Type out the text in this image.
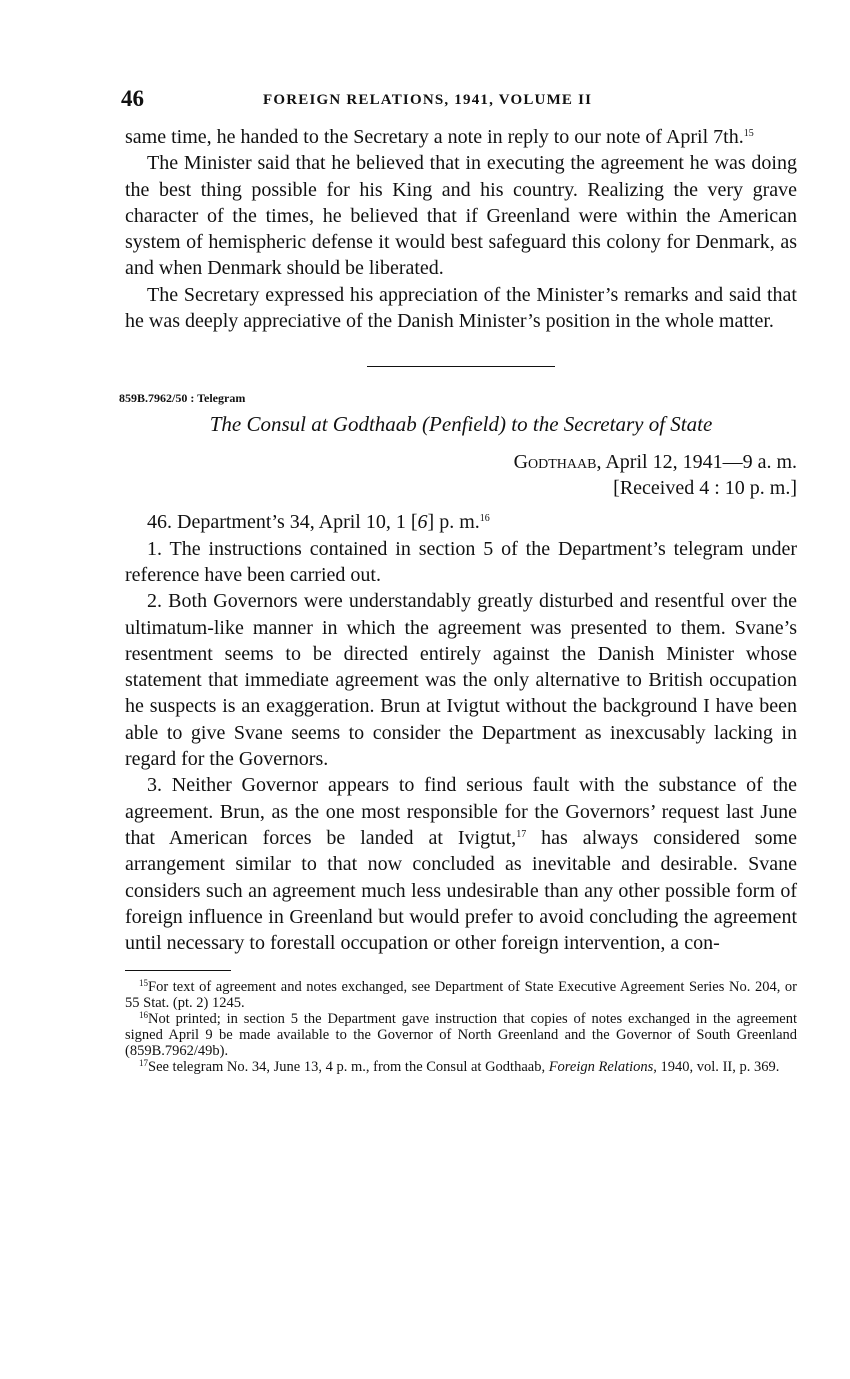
46	FOREIGN RELATIONS, 1941, VOLUME II

same time, he handed to the Secretary a note in reply to our note of April 7th.$^{15}$

The Minister said that he believed that in executing the agreement he was doing the best thing possible for his King and his country. Realizing the very grave character of the times, he believed that if Greenland were within the American system of hemispheric defense it would best safeguard this colony for Denmark, as and when Denmark should be liberated.

The Secretary expressed his appreciation of the Minister’s remarks and said that he was deeply appreciative of the Danish Minister’s position in the whole matter.

859B.7962/50 : Telegram
The Consul at Godthaab (Penfield) to the Secretary of State
Godthaab, April 12, 1941—9 a. m.
[Received 4 : 10 p. m.]

46. Department’s 34, April 10, 1 [6] p. m.$^{16}$

1. The instructions contained in section 5 of the Department’s telegram under reference have been carried out.

2. Both Governors were understandably greatly disturbed and resentful over the ultimatum-like manner in which the agreement was presented to them. Svane’s resentment seems to be directed entirely against the Danish Minister whose statement that immediate agreement was the only alternative to British occupation he suspects is an exaggeration. Brun at Ivigtut without the background I have been able to give Svane seems to consider the Department as inexcusably lacking in regard for the Governors.

3. Neither Governor appears to find serious fault with the substance of the agreement. Brun, as the one most responsible for the Governors’ request last June that American forces be landed at Ivigtut,$^{17}$ has always considered some arrangement similar to that now concluded as inevitable and desirable. Svane considers such an agreement much less undesirable than any other possible form of foreign influence in Greenland but would prefer to avoid concluding the agreement until necessary to forestall occupation or other foreign intervention, a con-

$^{15}$For text of agreement and notes exchanged, see Department of State Executive Agreement Series No. 204, or 55 Stat. (pt. 2) 1245.

$^{16}$Not printed; in section 5 the Department gave instruction that copies of notes exchanged in the agreement signed April 9 be made available to the Governor of North Greenland and the Governor of South Greenland (859B.7962/49b).

$^{17}$See telegram No. 34, June 13, 4 p. m., from the Consul at Godthaab, Foreign Relations, 1940, vol. II, p. 369.
